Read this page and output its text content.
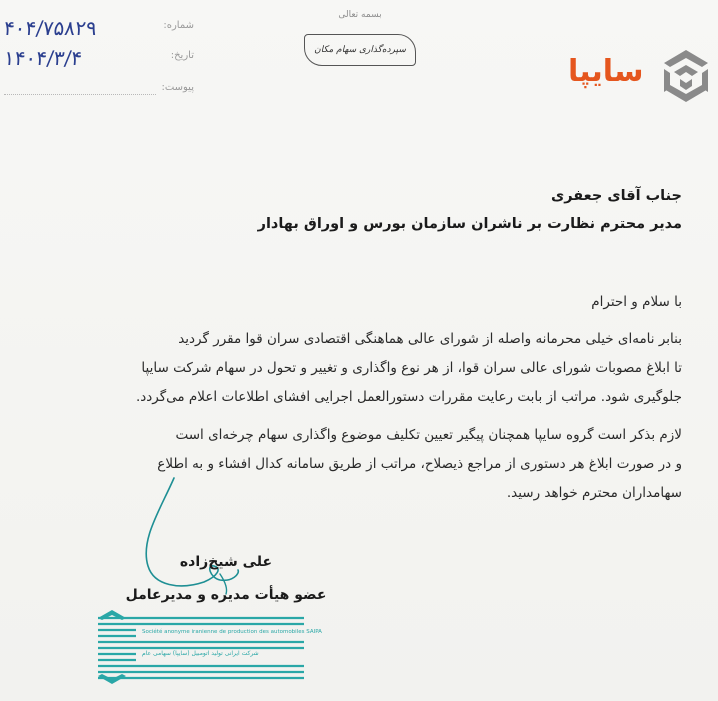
۴۰۴/۷۵۸۲۹	شماره:
۱۴۰۴/۳/۴	تاریخ:
پیوست:
بسمه تعالی
سپرده‌گذاری سهام مکان
سایپا
جناب آقای جعفری
مدیر محترم نظارت بر ناشران سازمان بورس و اوراق بهادار
با سلام و احترام
بنابر نامه‌ای خیلی محرمانه واصله از شورای عالی هماهنگی اقتصادی سران قوا مقرر گردید
تا ابلاغ مصوبات شورای عالی سران قوا، از هر نوع واگذاری و تغییر و تحول در سهام شرکت سایپا
جلوگیری شود. مراتب از بابت رعایت مقررات دستورالعمل اجرایی افشای اطلاعات اعلام می‌گردد.
لازم بذکر است گروه سایپا همچنان پیگیر تعیین تکلیف موضوع واگذاری سهام چرخه‌ای است
و در صورت ابلاغ هر دستوری از مراجع ذیصلاح، مراتب از طریق سامانه کدال افشاء و به اطلاع
سهامداران محترم خواهد رسید.
علی شیخ‌زاده
عضو هیأت مدیره و مدیرعامل
Société anonyme iranienne de production des automobiles SAIPA
شرکت ایرانی تولید اتومبیل (سایپا) سهامی عام
